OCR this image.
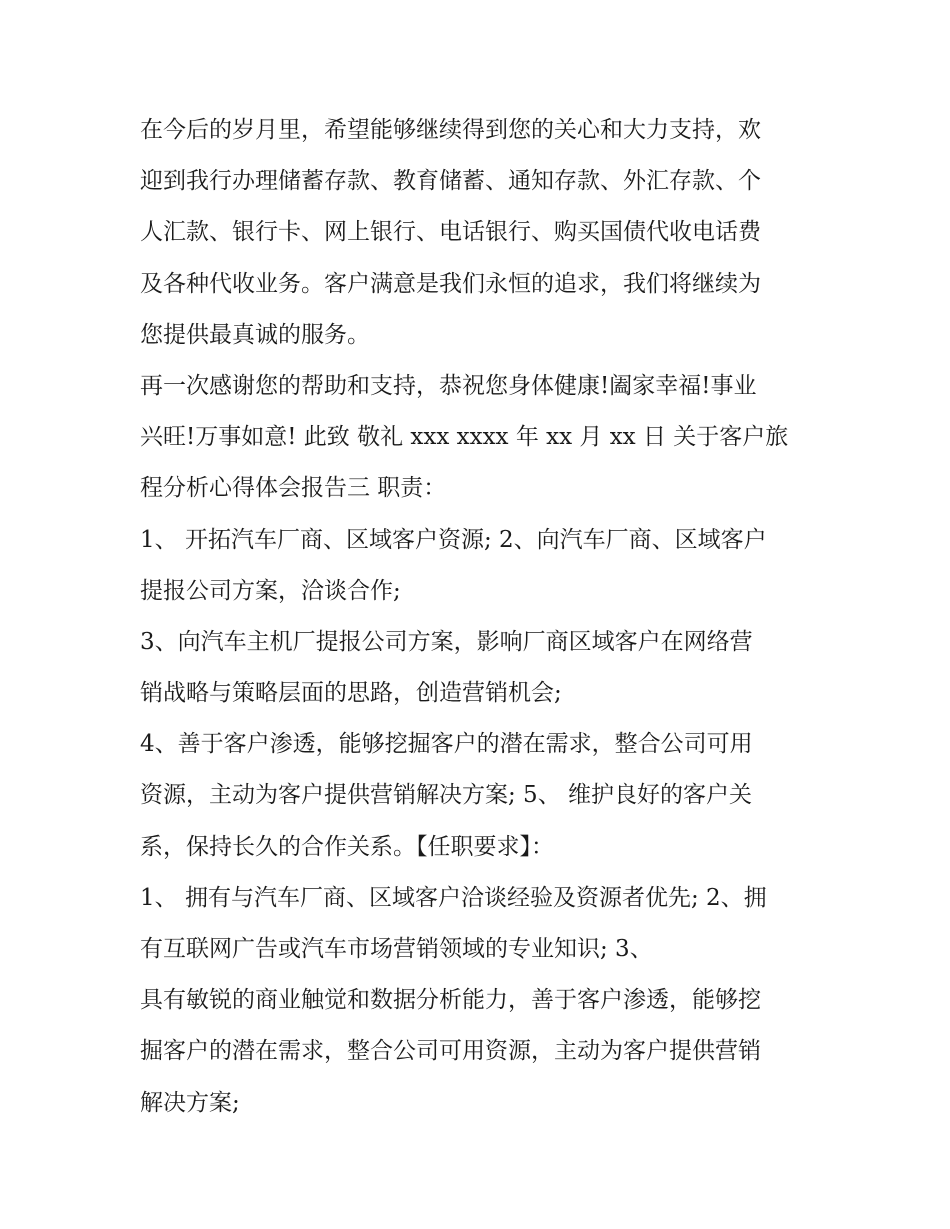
在今后的岁月里，希望能够继续得到您的关心和大力支持，欢
迎到我行办理储蓄存款、教育储蓄、通知存款、外汇存款、个
人汇款、银行卡、网上银行、电话银行、购买国债代收电话费
及各种代收业务。客户满意是我们永恒的追求，我们将继续为
您提供最真诚的服务。
再一次感谢您的帮助和支持，恭祝您身体健康!阖家幸福!事业
兴旺!万事如意! 此致 敬礼 xxx xxxx 年 xx 月 xx 日 关于客户旅
程分析心得体会报告三 职责：
1、 开拓汽车厂商、区域客户资源; 2、向汽车厂商、区域客户
提报公司方案，洽谈合作;
3、向汽车主机厂提报公司方案，影响厂商区域客户在网络营
销战略与策略层面的思路，创造营销机会;
4、善于客户渗透，能够挖掘客户的潜在需求，整合公司可用
资源，主动为客户提供营销解决方案; 5、 维护良好的客户关
系，保持长久的合作关系。【任职要求】：
1、 拥有与汽车厂商、区域客户洽谈经验及资源者优先; 2、拥
有互联网广告或汽车市场营销领域的专业知识; 3、
具有敏锐的商业触觉和数据分析能力，善于客户渗透，能够挖
掘客户的潜在需求，整合公司可用资源，主动为客户提供营销
解决方案;
